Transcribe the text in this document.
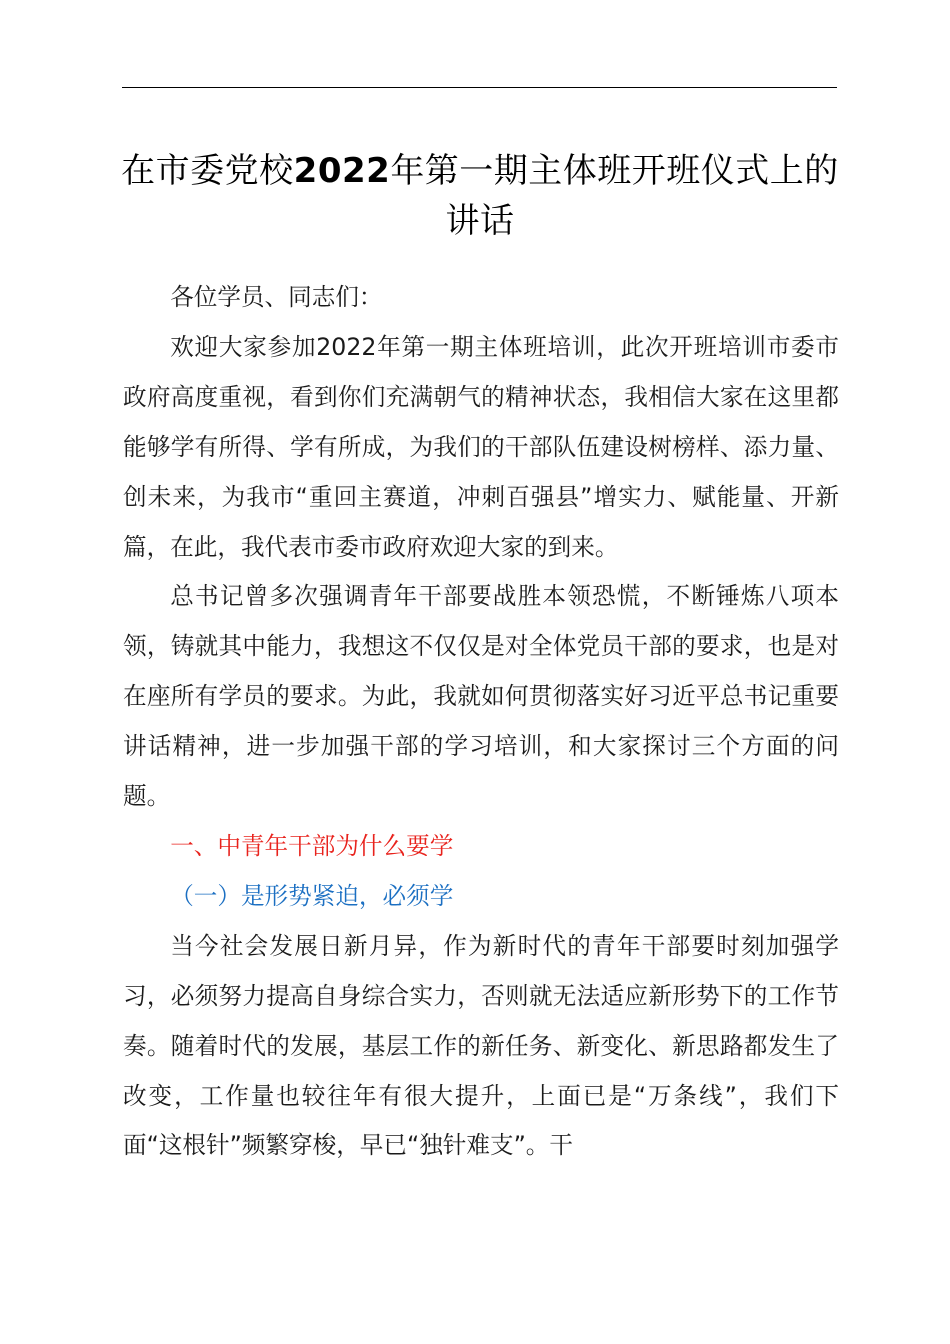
在市委党校2022年第一期主体班开班仪式上的讲话

各位学员、同志们：

欢迎大家参加2022年第一期主体班培训，此次开班培训市委市政府高度重视，看到你们充满朝气的精神状态，我相信大家在这里都能够学有所得、学有所成，为我们的干部队伍建设树榜样、添力量、创未来，为我市“重回主赛道，冲刺百强县”增实力、赋能量、开新篇，在此，我代表市委市政府欢迎大家的到来。

总书记曾多次强调青年干部要战胜本领恐慌，不断锤炼八项本领，铸就其中能力，我想这不仅仅是对全体党员干部的要求，也是对在座所有学员的要求。为此，我就如何贯彻落实好习近平总书记重要讲话精神，进一步加强干部的学习培训，和大家探讨三个方面的问题。

一、中青年干部为什么要学

（一）是形势紧迫，必须学

当今社会发展日新月异，作为新时代的青年干部要时刻加强学习，必须努力提高自身综合实力，否则就无法适应新形势下的工作节奏。随着时代的发展，基层工作的新任务、新变化、新思路都发生了改变，工作量也较往年有很大提升，上面已是“万条线”，我们下面“这根针”频繁穿梭，早已“独针难支”。干
